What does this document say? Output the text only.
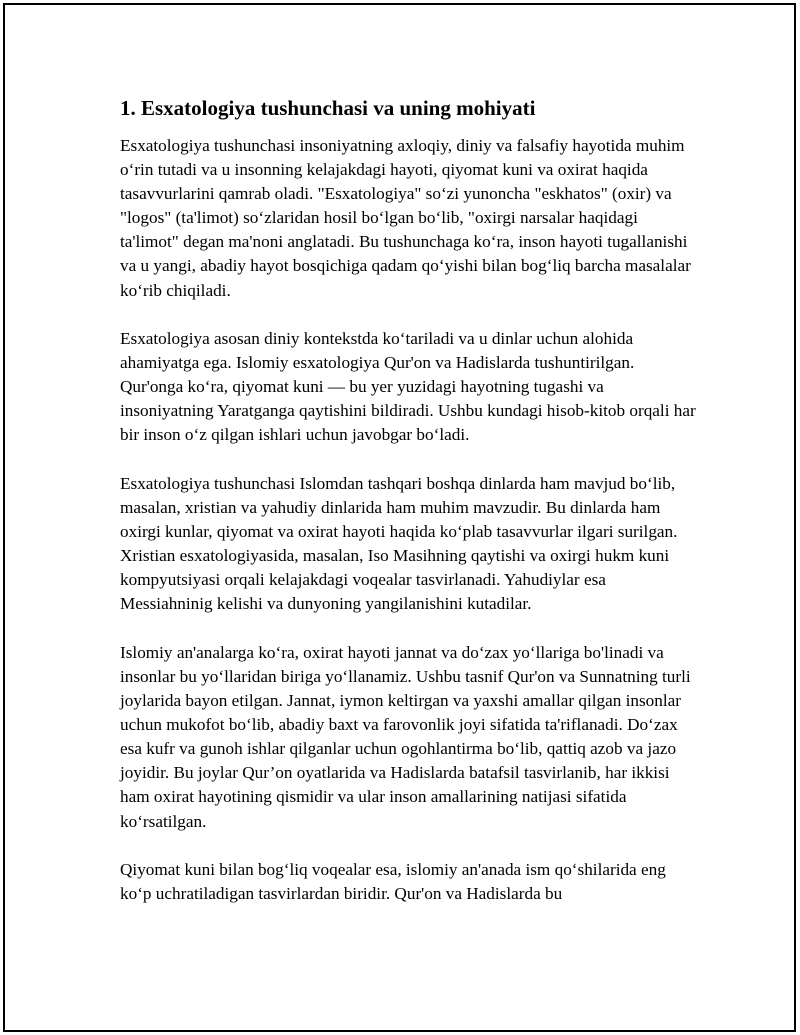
1. Esxatologiya tushunchasi va uning mohiyati

Esxatologiya tushunchasi insoniyatning axloqiy, diniy va falsafiy hayotida muhim o‘rin tutadi va u insonning kelajakdagi hayoti, qiyomat kuni va oxirat haqida tasavvurlarini qamrab oladi. "Esxatologiya" so‘zi yunoncha "eskhatos" (oxir) va "logos" (ta'limot) so‘zlaridan hosil bo‘lgan bo‘lib, "oxirgi narsalar haqidagi ta'limot" degan ma'noni anglatadi. Bu tushunchaga ko‘ra, inson hayoti tugallanishi va u yangi, abadiy hayot bosqichiga qadam qo‘yishi bilan bog‘liq barcha masalalar ko‘rib chiqiladi.

Esxatologiya asosan diniy kontekstda ko‘tariladi va u dinlar uchun alohida ahamiyatga ega. Islomiy esxatologiya Qur'on va Hadislarda tushuntirilgan. Qur'onga ko‘ra, qiyomat kuni — bu yer yuzidagi hayotning tugashi va insoniyatning Yaratganga qaytishini bildiradi. Ushbu kundagi hisob-kitob orqali har bir inson o‘z qilgan ishlari uchun javobgar bo‘ladi.

Esxatologiya tushunchasi Islomdan tashqari boshqa dinlarda ham mavjud bo‘lib, masalan, xristian va yahudiy dinlarida ham muhim mavzudir. Bu dinlarda ham oxirgi kunlar, qiyomat va oxirat hayoti haqida ko‘plab tasavvurlar ilgari surilgan. Xristian esxatologiyasida, masalan, Iso Masihning qaytishi va oxirgi hukm kuni kompyutsiyasi orqali kelajakdagi voqealar tasvirlanadi. Yahudiylar esa Messiahninig kelishi va dunyoning yangilanishini kutadilar.

Islomiy an'analarga ko‘ra, oxirat hayoti jannat va do‘zax yo‘llariga bo'linadi va insonlar bu yo‘llaridan biriga yo‘llanamiz. Ushbu tasnif Qur'on va Sunnatning turli joylarida bayon etilgan. Jannat, iymon keltirgan va yaxshi amallar qilgan insonlar uchun mukofot bo‘lib, abadiy baxt va farovonlik joyi sifatida ta'riflanadi. Do‘zax esa kufr va gunoh ishlar qilganlar uchun ogohlantirma bo‘lib, qattiq azob va jazo joyidir. Bu joylar Qur’on oyatlarida va Hadislarda batafsil tasvirlanib, har ikkisi ham oxirat hayotining qismidir va ular inson amallarining natijasi sifatida ko‘rsatilgan.

Qiyomat kuni bilan bog‘liq voqealar esa, islomiy an'anada ism qo‘shilarida eng ko‘p uchratiladigan tasvirlardan biridir. Qur'on va Hadislarda bu
